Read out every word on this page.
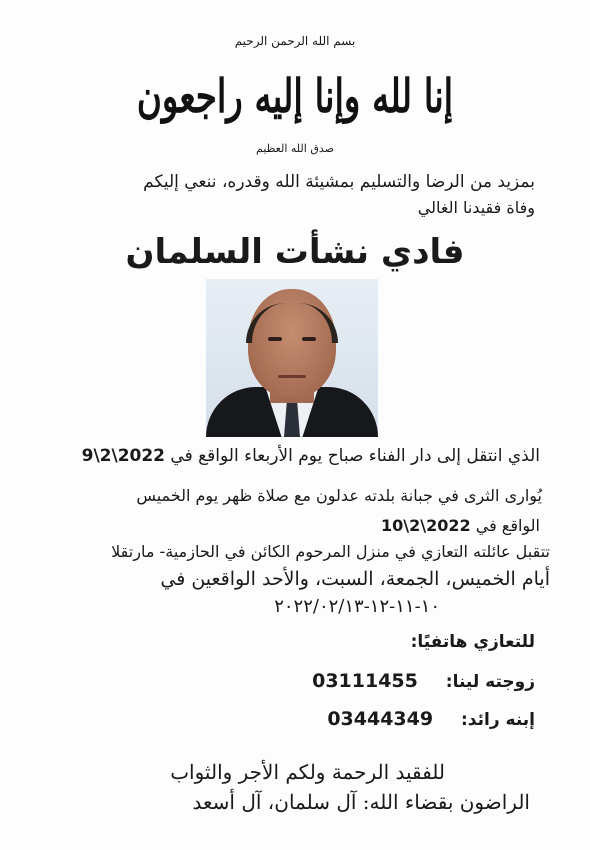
بسم الله الرحمن الرحيم
إنا لله وإنا إليه راجعون
صدق الله العظيم
بمزيد من الرضا والتسليم بمشيئة الله وقدره، ننعي إليكم
وفاة فقيدنا الغالي
فادي نشأت السلمان
الذي انتقل إلى دار الفناء صباح يوم الأربعاء الواقع في 9\2\2022
يُوارى الثرى في جبانة بلدته عدلون مع صلاة ظهر يوم الخميس
الواقع في 10\2\2022
تتقبل عائلته التعازي في منزل المرحوم الكائن في الحازمية- مارتقلا
أيام الخميس، الجمعة، السبت، والأحد الواقعين في
١٠-١١-١٢-٢٠٢٢/٠٢/١٣
للتعازي هاتفيًا:
زوجته لينا: 03111455
إبنه رائد: 03444349
للفقيد الرحمة ولكم الأجر والثواب
الراضون بقضاء الله: آل سلمان، آل أسعد
